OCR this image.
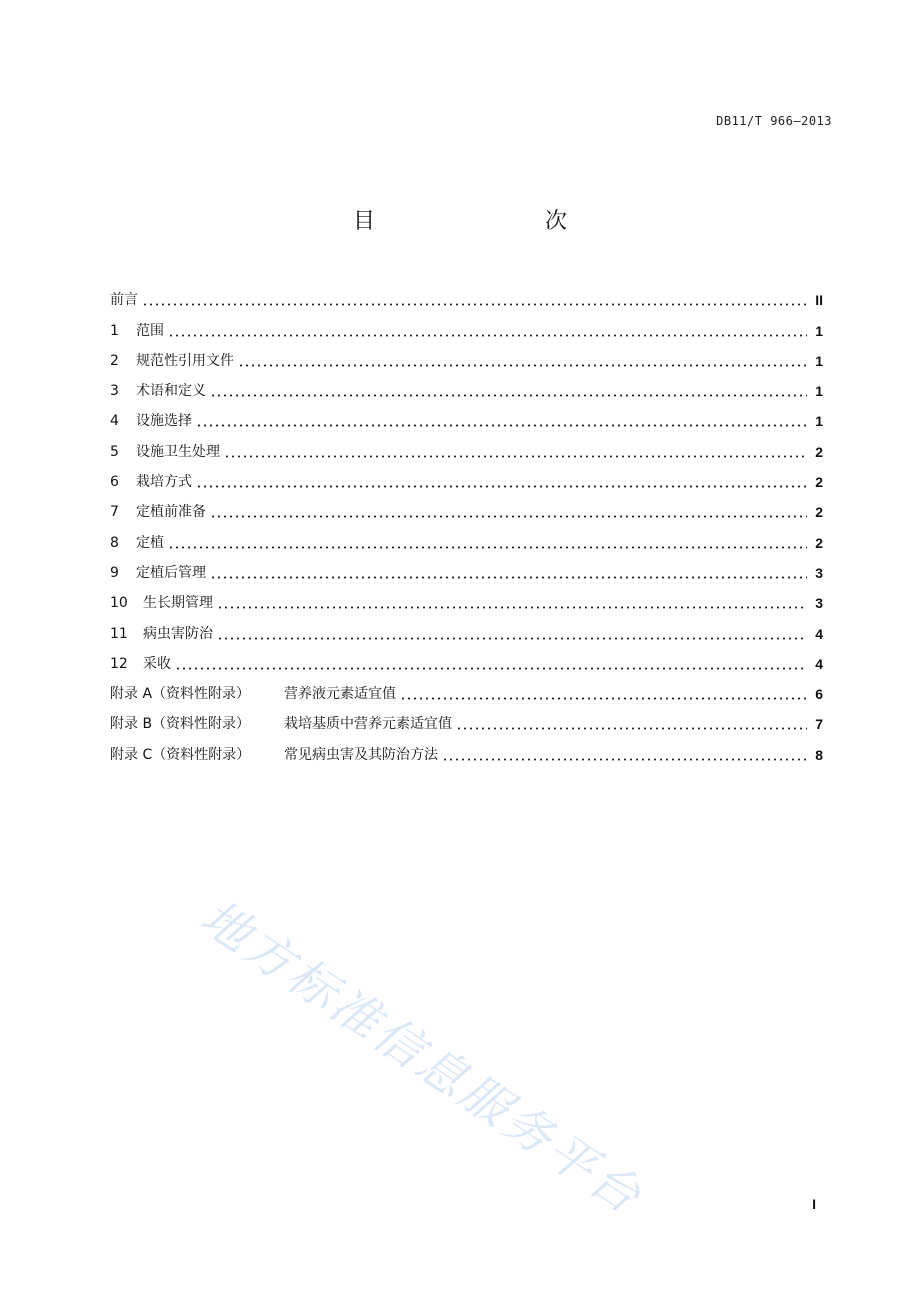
DB11/T 966—2013
目　　次
前言	II
1	范围	1
2	规范性引用文件	1
3	术语和定义	1
4	设施选择	1
5	设施卫生处理	2
6	栽培方式	2
7	定植前准备	2
8	定植	2
9	定植后管理	3
10	生长期管理	3
11	病虫害防治	4
12	采收	4
附录 A（资料性附录）	营养液元素适宜值	6
附录 B（资料性附录）	栽培基质中营养元素适宜值	7
附录 C（资料性附录）	常见病虫害及其防治方法	8
地方标准信息服务平台	I
